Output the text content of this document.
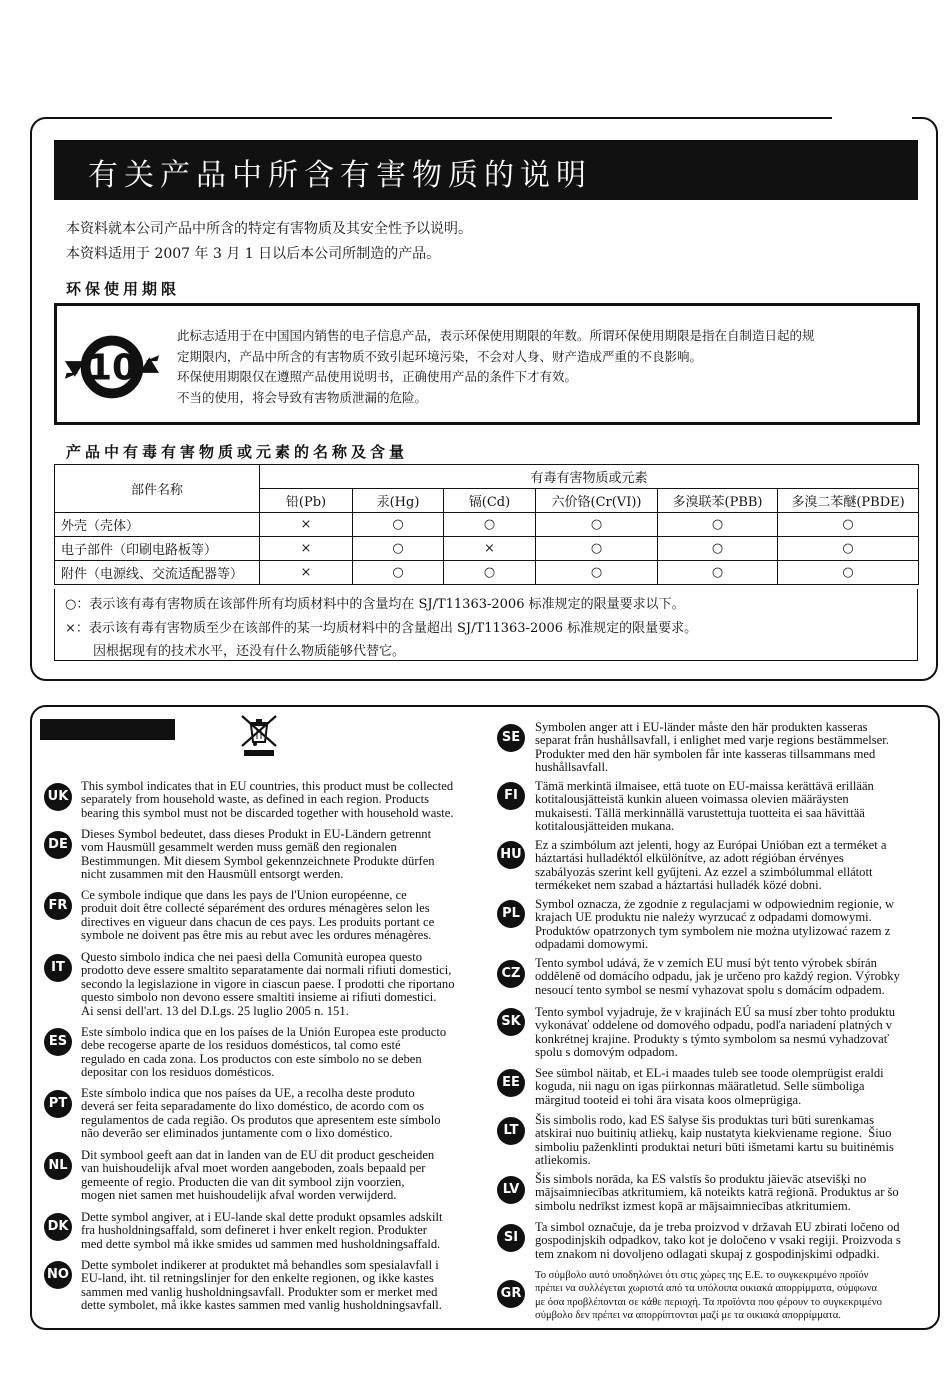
有关产品中所含有害物质的说明
本资料就本公司产品中所含的特定有害物质及其安全性予以说明。
本资料适用于 2007 年 3 月 1 日以后本公司所制造的产品。
环保使用期限
10
此标志适用于在中国国内销售的电子信息产品，表示环保使用期限的年数。所谓环保使用期限是指在自制造日起的规
定期限内，产品中所含的有害物质不致引起环境污染，不会对人身、财产造成严重的不良影响。
环保使用期限仅在遵照产品使用说明书，正确使用产品的条件下才有效。
不当的使用，将会导致有害物质泄漏的危险。
产品中有毒有害物质或元素的名称及含量
部件名称	有毒有害物质或元素					
	铅(Pb)	汞(Hg)	镉(Cd)	六价铬(Cr(VI))	多溴联苯(PBB)	多溴二苯醚(PBDE)
外壳（壳体）	×	○	○	○	○	○
电子部件（印刷电路板等）	×	○	×	○	○	○
附件（电源线、交流适配器等）	×	○	○	○	○	○
○：表示该有毒有害物质在该部件所有均质材料中的含量均在 SJ/T11363-2006 标准规定的限量要求以下。
×：表示该有毒有害物质至少在该部件的某一均质材料中的含量超出 SJ/T11363-2006 标准规定的限量要求。
因根据现有的技术水平，还没有什么物质能够代替它。
UK
This symbol indicates that in EU countries, this product must be collected
separately from household waste, as defined in each region. Products
bearing this symbol must not be discarded together with household waste.
DE
Dieses Symbol bedeutet, dass dieses Produkt in EU-Ländern getrennt
vom Hausmüll gesammelt werden muss gemäß den regionalen
Bestimmungen. Mit diesem Symbol gekennzeichnete Produkte dürfen
nicht zusammen mit den Hausmüll entsorgt werden.
FR
Ce symbole indique que dans les pays de l'Union européenne, ce
produit doit être collecté séparément des ordures ménagères selon les
directives en vigueur dans chacun de ces pays. Les produits portant ce
symbole ne doivent pas être mis au rebut avec les ordures ménagères.
IT
Questo simbolo indica che nei paesi della Comunità europea questo
prodotto deve essere smaltito separatamente dai normali rifiuti domestici,
secondo la legislazione in vigore in ciascun paese. I prodotti che riportano
questo simbolo non devono essere smaltiti insieme ai rifiuti domestici.
Ai sensi dell'art. 13 del D.Lgs. 25 luglio 2005 n. 151.
ES
Este símbolo indica que en los países de la Unión Europea este producto
debe recogerse aparte de los residuos domésticos, tal como esté
regulado en cada zona. Los productos con este símbolo no se deben
depositar con los residuos domésticos.
PT
Este símbolo indica que nos países da UE, a recolha deste produto
deverá ser feita separadamente do lixo doméstico, de acordo com os
regulamentos de cada região. Os produtos que apresentem este símbolo
não deverão ser eliminados juntamente com o lixo doméstico.
NL
Dit symbool geeft aan dat in landen van de EU dit product gescheiden
van huishoudelijk afval moet worden aangeboden, zoals bepaald per
gemeente of regio. Producten die van dit symbool zijn voorzien,
mogen niet samen met huishoudelijk afval worden verwijderd.
DK
Dette symbol angiver, at i EU-lande skal dette produkt opsamles adskilt
fra husholdningsaffald, som defineret i hver enkelt region. Produkter
med dette symbol må ikke smides ud sammen med husholdningsaffald.
NO
Dette symbolet indikerer at produktet må behandles som spesialavfall i
EU-land, iht. til retningslinjer for den enkelte regionen, og ikke kastes
sammen med vanlig husholdningsavfall. Produkter som er merket med
dette symbolet, må ikke kastes sammen med vanlig husholdningsavfall.
SE
Symbolen anger att i EU-länder måste den här produkten kasseras
separat från hushållsavfall, i enlighet med varje regions bestämmelser.
Produkter med den här symbolen får inte kasseras tillsammans med
hushållsavfall.
FI
Tämä merkintä ilmaisee, että tuote on EU-maissa kerättävä erillään
kotitalousjätteistä kunkin alueen voimassa olevien määräysten
mukaisesti. Tällä merkinnällä varustettuja tuotteita ei saa hävittää
kotitalousjätteiden mukana.
HU
Ez a szimbólum azt jelenti, hogy az Európai Unióban ezt a terméket a
háztartási hulladéktól elkülönítve, az adott régióban érvényes
szabályozás szerint kell gyűjteni. Az ezzel a szimbólummal ellátott
termékeket nem szabad a háztartási hulladék közé dobni.
PL
Symbol oznacza, że zgodnie z regulacjami w odpowiednim regionie, w
krajach UE produktu nie należy wyrzucać z odpadami domowymi.
Produktów opatrzonych tym symbolem nie można utylizować razem z
odpadami domowymi.
CZ
Tento symbol udává, že v zemích EU musí být tento výrobek sbírán
odděleně od domácího odpadu, jak je určeno pro každý region. Výrobky
nesoucí tento symbol se nesmí vyhazovat spolu s domácím odpadem.
SK
Tento symbol vyjadruje, že v krajinách EÚ sa musí zber tohto produktu
vykonávať oddelene od domového odpadu, podľa nariadení platných v
konkrétnej krajine. Produkty s týmto symbolom sa nesmú vyhadzovať
spolu s domovým odpadom.
EE
See sümbol näitab, et EL-i maades tuleb see toode olemprügist eraldi
koguda, nii nagu on igas piirkonnas määratletud. Selle sümboliga
märgitud tooteid ei tohi ära visata koos olmeprügiga.
LT
Šis simbolis rodo, kad ES šalyse šis produktas turi būti surenkamas
atskirai nuo buitinių atliekų, kaip nustatyta kiekviename regione.  Šiuo
simboliu paženklinti produktai neturi būti išmetami kartu su buitinėmis
atliekomis.
LV
Šis simbols norāda, ka ES valstīs šo produktu jāievāc atsevišķi no
mājsaimniecības atkritumiem, kā noteikts katrā reģionā. Produktus ar šo
simbolu nedrīkst izmest kopā ar mājsaimniecības atkritumiem.
SI
Ta simbol označuje, da je treba proizvod v državah EU zbirati ločeno od
gospodinjskih odpadkov, tako kot je določeno v vsaki regiji. Proizvoda s
tem znakom ni dovoljeno odlagati skupaj z gospodinjskimi odpadki.
GR
Το σύμβολο αυτό υποδηλώνει ότι στις χώρες της Ε.Ε. το συγκεκριμένο προϊόν
πρέπει να συλλέγεται χωριστά από τα υπόλοιπα οικιακά απορρίμματα, σύμφωνα
με όσα προβλέπονται σε κάθε περιοχή. Τα προϊόντα που φέρουν το συγκεκριμένο
σύμβολο δεν πρέπει να απορρίπτονται μαζί με τα οικιακά απορρίμματα.
